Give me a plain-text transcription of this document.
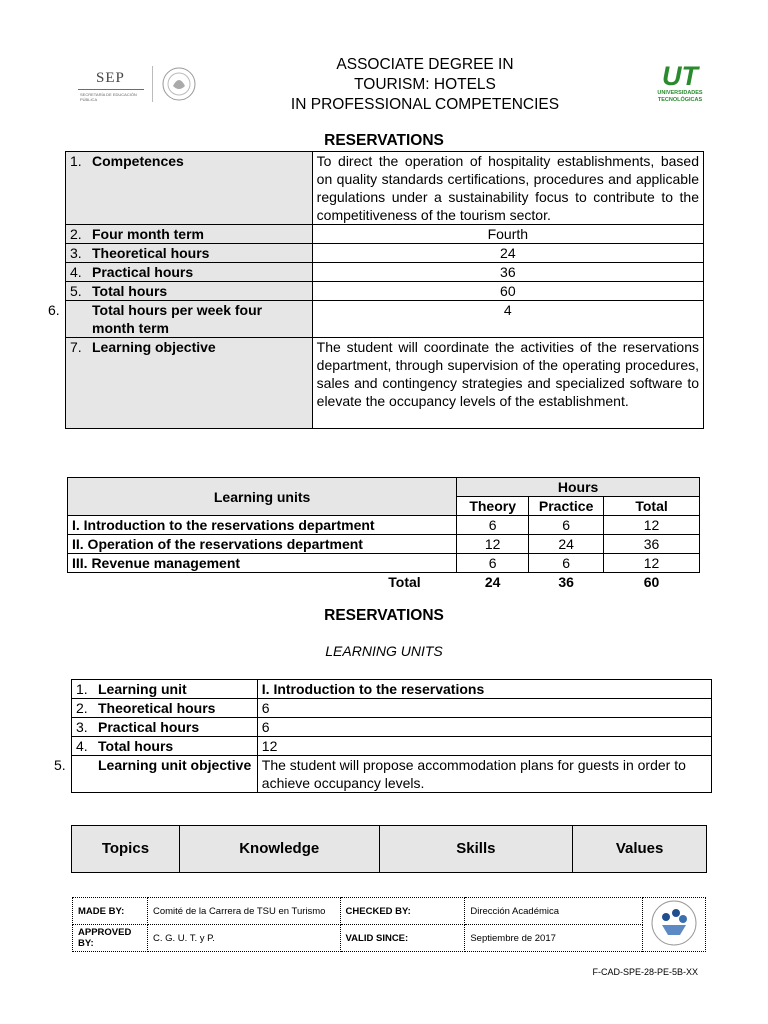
SEP
SECRETARÍA DE EDUCACIÓN PÚBLICA
ASSOCIATE DEGREE IN
TOURISM: HOTELS
IN PROFESSIONAL COMPETENCIES
UT
UNIVERSIDADES
TECNOLÓGICAS
RESERVATIONS
1. Competences	To direct the operation of hospitality establishments, based on quality standards certifications, procedures and applicable regulations under a sustainability focus to contribute to the competitiveness of the tourism sector.
2. Four month term	Fourth
3. Theoretical hours	24
4. Practical hours	36
5. Total hours	60
6. Total hours per week four month term	4
7. Learning objective	The student will coordinate the activities of the reservations department, through supervision of the operating procedures, sales and contingency strategies and specialized software to elevate the occupancy levels of the establishment.
Learning units	Hours		
	Theory	Practice	Total
I. Introduction to the reservations department	6	6	12
II. Operation of the reservations department	12	24	36
III. Revenue management	6	6	12
Total	24	36	60
RESERVATIONS
LEARNING UNITS
1. Learning unit	I. Introduction to the reservations
2. Theoretical hours	6
3. Practical hours	6
4. Total hours	12
5. Learning unit objective	The student will propose accommodation plans for guests in order to achieve occupancy levels.
Topics	Knowledge	Skills	Values
MADE BY:	Comité de la Carrera de TSU en Turismo	CHECKED BY:	Dirección Académica	
APPROVED BY:	C. G. U. T. y P.	VALID SINCE:	Septiembre de 2017	
F-CAD-SPE-28-PE-5B-XX
